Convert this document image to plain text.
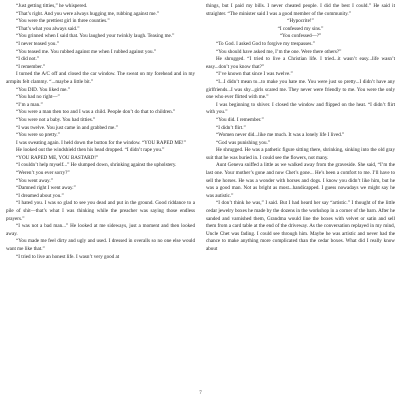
“Just getting titties,” he whispered.

“That’s right. And you were always hugging me, rubbing against me.”

“You were the prettiest girl in three counties.”

“That’s what you always said.”

“You grinned when I said that. You laughed your twinkly laugh. Teasing me.”

“I never teased you.”

“You teased me. You rubbed against me when I rubbed against you.”

“I did not.”

“I remember.”

I turned the A/C off and closed the car window. The sweat on my forehead and in my armpits felt clammy. “...maybe a little bit.”

“You DID. You liked me.”

“You had no right—”

“I’m a man.”

“You were a man then too and I was a child. People don’t do that to children.”

“You were not a baby. You had titties.”

“I was twelve. You just came in and grabbed me.”

“You were so pretty.”

I was sweating again. I held down the button for the window. “YOU RAPED ME!”

He looked out the windshield then his head dropped. “I didn’t rape you.”

“YOU RAPED ME, YOU BASTARD!”

“I couldn’t help myself...” He slumped down, shrinking against the upholstery.

“Weren’t you ever sorry?”

“You went away.”

“Damned right I went away.”

“I dreamed about you.”

“I hated you. I was so glad to see you dead and put in the ground. Good riddance to a pile of shit—that’s what I was thinking while the preacher was saying those endless prayers.”

“I was not a bad man...” He looked at me sideways, just a moment and then looked away.

“You made me feel dirty and ugly and used. I dressed in overalls so no one else would want me like that.”

“I tried to live an honest life. I wasn’t very good at

things, but I paid my bills. I never cheated people. I did the best I could.” He said it straighter. “The minister said I was a good member of the community.”

“Hypocrite!”

“I confessed my sins.”

“You confessed—?”

“To God. I asked God to forgive my trespasses.”

“You should have asked me, I’m the one. Were there others?”

He shrugged. “I tried to live a Christian life. I tried...it wasn’t easy...life wasn’t easy...don’t you know that?”

“I’ve known that since I was twelve.”

“I...I didn’t mean to...to make you hate me. You were just so pretty...I didn’t have any girlfriends...I was shy...girls scared me. They never were friendly to me. You were the only one who ever flirted with me.”

I was beginning to shiver. I closed the window and flipped on the heat. “I didn’t flirt with you.”

“You did. I remember.”

“I didn’t flirt.”

“Women never did...like me much. It was a lonely life I lived.”

“God was punishing you.”

He shrugged. He was a pathetic figure sitting there, shrinking, sinking into the old gray suit that he was buried in. I could see the flowers, not many.

Aunt Geneva sniffed a little as we walked away from the graveside. She said, “I’m the last one. Your mother’s gone and now Chet’s gone... He’s been a comfort to me. I’ll have to sell the horses. He was a wonder with horses and dogs. I know you didn’t like him, but he was a good man. Not as bright as most...handicapped. I guess nowadays we might say he was autistic.”

“I don’t think he was,” I said. But I had heard her say “artistic.” I thought of the little cedar jewelry boxes he made by the dozens in the workshop in a corner of the barn. After he sanded and varnished them, Grandma would line the boxes with velvet or satin and sell them from a card table at the end of the driveway. As the conversation replayed in my mind, Uncle Chet was fading. I could see through him. Maybe he was artistic and never had the chance to make anything more complicated than the cedar boxes. What did I really know about

7
